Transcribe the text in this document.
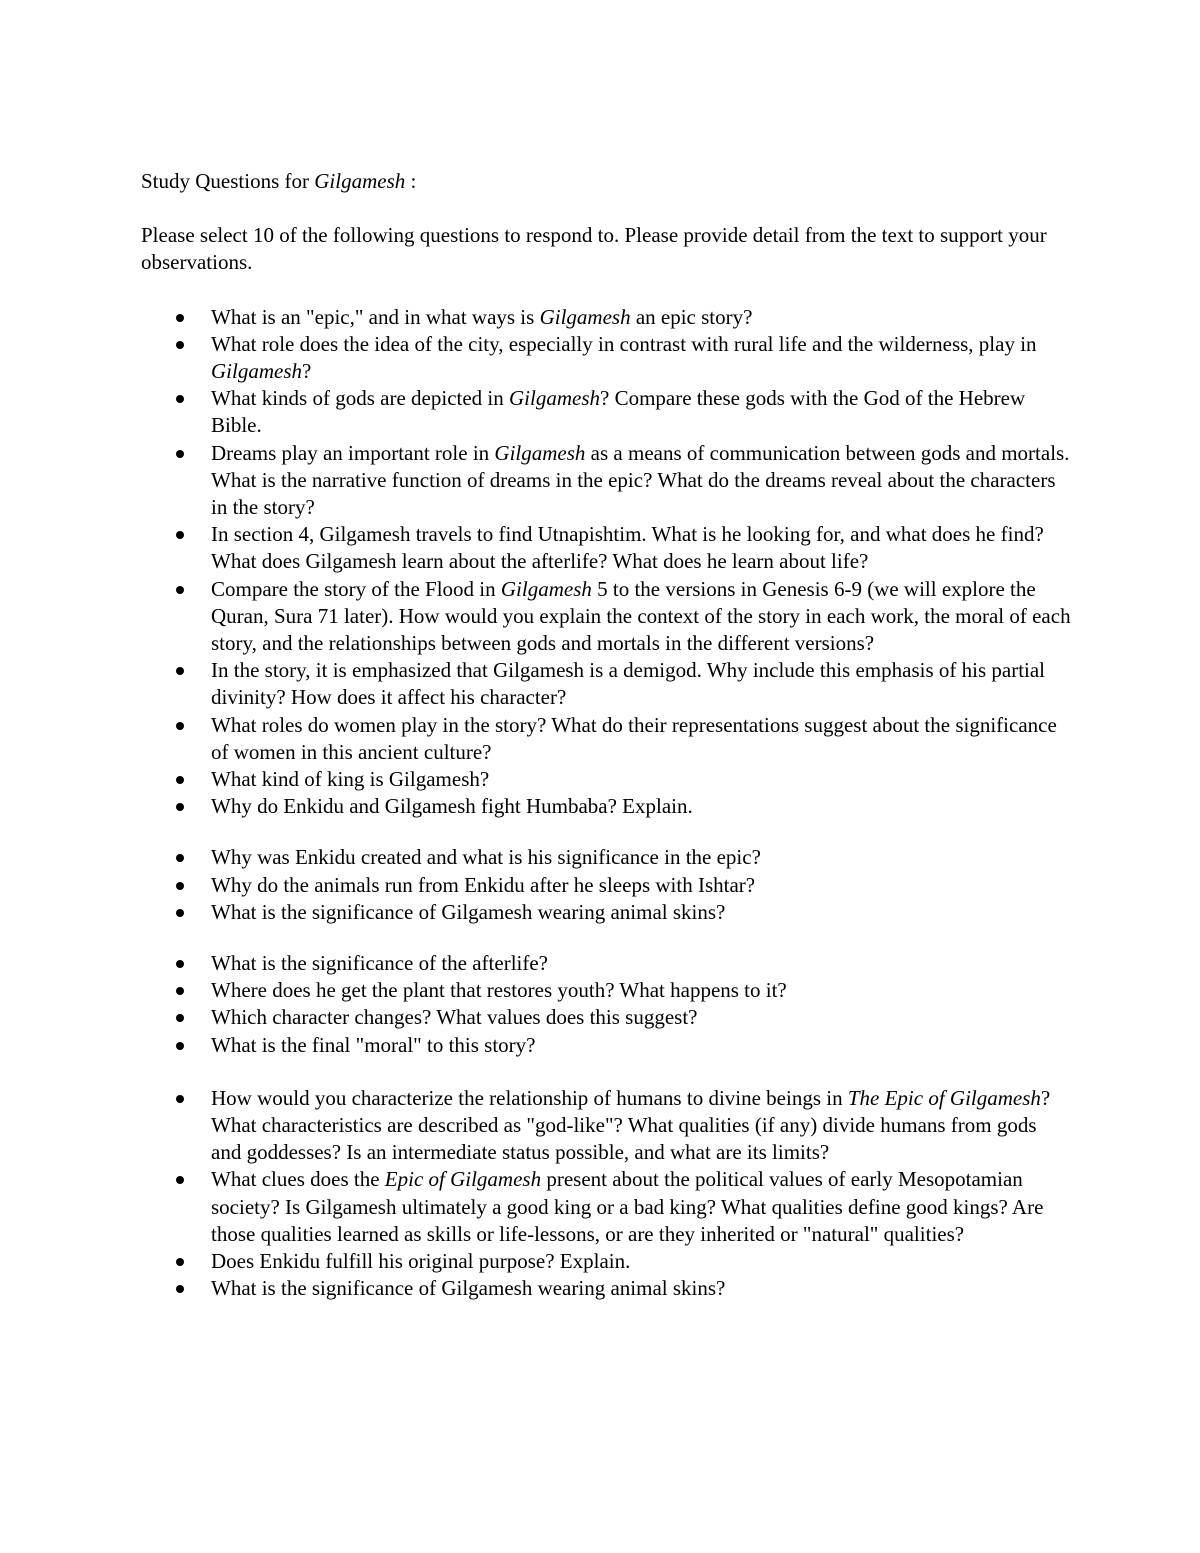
Study Questions for Gilgamesh :

Please select 10 of the following questions to respond to. Please provide detail from the text to support your observations.

What is an "epic," and in what ways is Gilgamesh an epic story?
What role does the idea of the city, especially in contrast with rural life and the wilderness, play in Gilgamesh?
What kinds of gods are depicted in Gilgamesh? Compare these gods with the God of the Hebrew Bible.
Dreams play an important role in Gilgamesh as a means of communication between gods and mortals. What is the narrative function of dreams in the epic? What do the dreams reveal about the characters in the story?
In section 4, Gilgamesh travels to find Utnapishtim. What is he looking for, and what does he find? What does Gilgamesh learn about the afterlife? What does he learn about life?
Compare the story of the Flood in Gilgamesh 5 to the versions in Genesis 6-9 (we will explore the Quran, Sura 71 later). How would you explain the context of the story in each work, the moral of each story, and the relationships between gods and mortals in the different versions?
In the story, it is emphasized that Gilgamesh is a demigod. Why include this emphasis of his partial divinity? How does it affect his character?
What roles do women play in the story? What do their representations suggest about the significance of women in this ancient culture?
What kind of king is Gilgamesh?
Why do Enkidu and Gilgamesh fight Humbaba? Explain.
Why was Enkidu created and what is his significance in the epic?
Why do the animals run from Enkidu after he sleeps with Ishtar?
What is the significance of Gilgamesh wearing animal skins?
What is the significance of the afterlife?
Where does he get the plant that restores youth? What happens to it?
Which character changes? What values does this suggest?
What is the final "moral" to this story?
How would you characterize the relationship of humans to divine beings in The Epic of Gilgamesh? What characteristics are described as "god-like"? What qualities (if any) divide humans from gods and goddesses? Is an intermediate status possible, and what are its limits?
What clues does the Epic of Gilgamesh present about the political values of early Mesopotamian society? Is Gilgamesh ultimately a good king or a bad king? What qualities define good kings? Are those qualities learned as skills or life-lessons, or are they inherited or "natural" qualities?
Does Enkidu fulfill his original purpose? Explain.
What is the significance of Gilgamesh wearing animal skins?
